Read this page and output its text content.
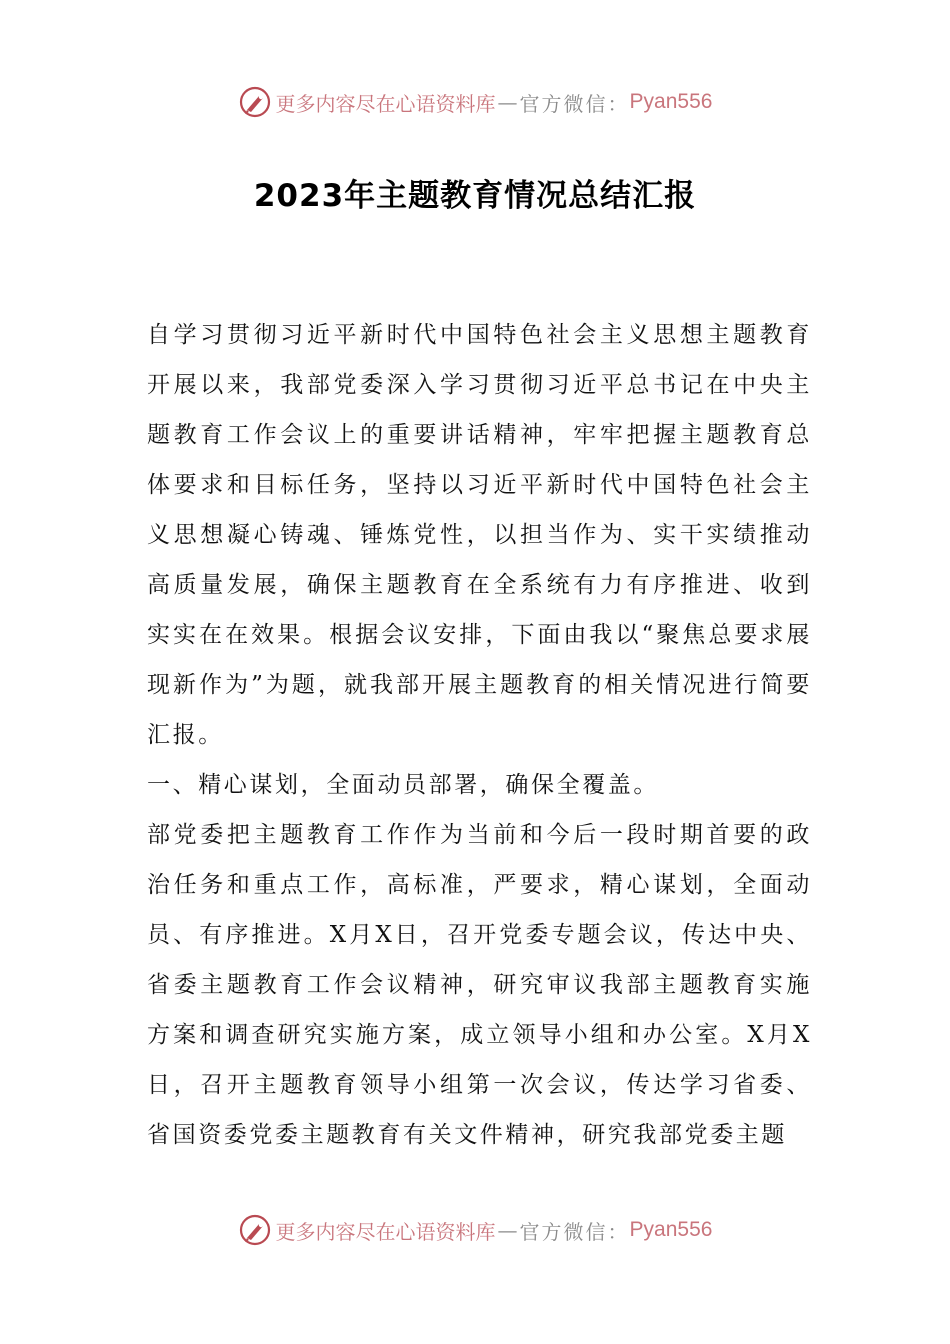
更多内容尽在心语资料库 — 官方微信： Pyan556
2023年主题教育情况总结汇报

自学习贯彻习近平新时代中国特色社会主义思想主题教育开展以来，我部党委深入学习贯彻习近平总书记在中央主题教育工作会议上的重要讲话精神，牢牢把握主题教育总体要求和目标任务，坚持以习近平新时代中国特色社会主义思想凝心铸魂、锤炼党性，以担当作为、实干实绩推动高质量发展，确保主题教育在全系统有力有序推进、收到实实在在效果。根据会议安排，下面由我以“聚焦总要求展现新作为”为题，就我部开展主题教育的相关情况进行简要汇报。

一、精心谋划，全面动员部署，确保全覆盖。

部党委把主题教育工作作为当前和今后一段时期首要的政治任务和重点工作，高标准，严要求，精心谋划，全面动员、有序推进。X月X日，召开党委专题会议，传达中央、省委主题教育工作会议精神，研究审议我部主题教育实施方案和调查研究实施方案，成立领导小组和办公室。X月X日，召开主题教育领导小组第一次会议，传达学习省委、省国资委党委主题教育有关文件精神，研究我部党委主题

更多内容尽在心语资料库 — 官方微信： Pyan556
